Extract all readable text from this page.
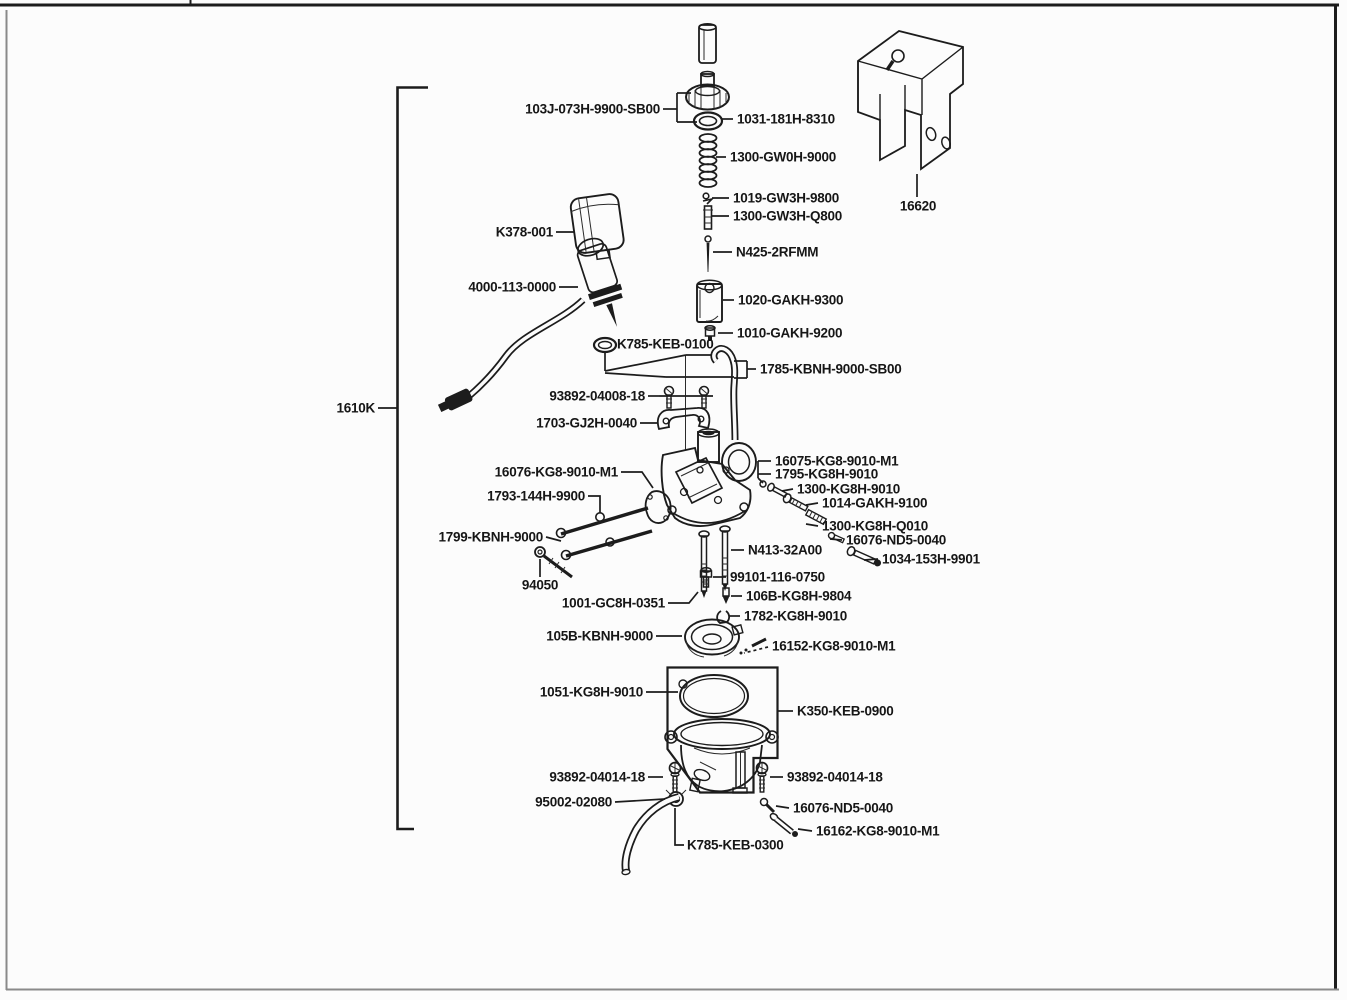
103J-073H-9900-SB00
1031-181H-8310
1300-GW0H-9000
1019-GW3H-9800
1300-GW3H-Q800
N425-2RFMM
1020-GAKH-9300
1010-GAKH-9200
16620
K378-001
4000-113-0000
K785-KEB-0100
1785-KBNH-9000-SB00
93892-04008-18
1703-GJ2H-0040
16076-KG8-9010-M1
16075-KG8-9010-M1
1795-KG8H-9010
1300-KG8H-9010
1014-GAKH-9100
1300-KG8H-Q010
16076-ND5-0040
1034-153H-9901
1793-144H-9900
1799-KBNH-9000
94050
N413-32A00
99101-116-0750
106B-KG8H-9804
1782-KG8H-9010
1001-GC8H-0351
105B-KBNH-9000
16152-KG8-9010-M1
1051-KG8H-9010
K350-KEB-0900
93892-04014-18	93892-04014-18
16076-ND5-0040
16162-KG8-9010-M1
95002-02080
K785-KEB-0300
1610K
